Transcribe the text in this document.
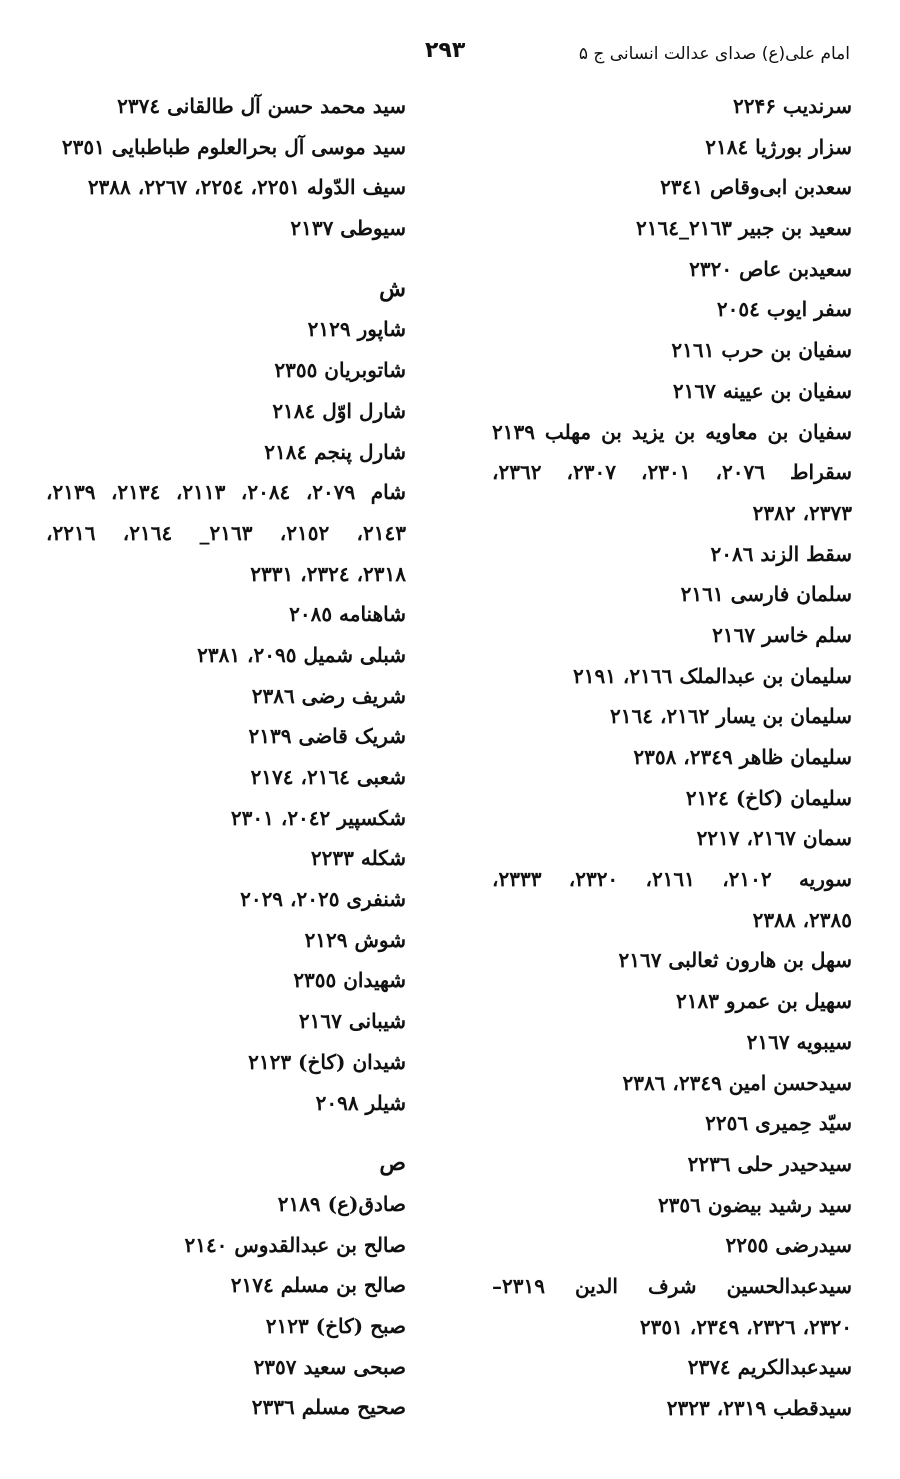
امام علی(ع) صدای عدالت انسانی ج ۵
۲۹۳
سرندیب ۲۲۴۶
سزار بورژیا ۲۱۸٤
سعدبن ابی‌وقاص ۲۳٤۱
سعید بن جبیر ۲۱٦۳_۲۱٦٤
سعیدبن عاص ۲۳۲۰
سفر ایوب ۲۰٥٤
سفیان بن حرب ۲۱٦۱
سفیان بن عیینه ۲۱٦۷
سفیان بن معاویه بن یزید بن مهلب ۲۱۳۹
سقراط ۲۰۷٦، ۲۳۰۱، ۲۳۰۷، ۲۳٦۲،
۲۳۷۳، ۲۳۸۲
سقط الزند ۲۰۸٦
سلمان فارسی ۲۱٦۱
سلم خاسر ۲۱٦۷
سلیمان بن عبدالملک ۲۱٦٦، ۲۱۹۱
سلیمان بن یسار ۲۱٦۲، ۲۱٦٤
سلیمان ظاهر ۲۳٤۹، ۲۳٥۸
سلیمان (کاخ) ۲۱۲٤
سمان ۲۱٦۷، ۲۲۱۷
سوریه ۲۱۰۲، ۲۱٦۱، ۲۳۲۰، ۲۳۳۳،
۲۳۸٥، ۲۳۸۸
سهل بن هارون ثعالبی ۲۱٦۷
سهیل بن عمرو ۲۱۸۳
سیبویه ۲۱٦۷
سیدحسن امین ۲۳٤۹، ۲۳۸٦
سیّد حِمیری ۲۲٥٦
سیدحیدر حلی ۲۲۳٦
سید رشید بیضون ۲۳٥٦
سیدرضی ۲۲٥٥
سیدعبدالحسین شرف الدین ۲۳۱۹–
۲۳۲۰، ۲۳۲٦، ۲۳٤۹، ۲۳٥۱
سیدعبدالکریم ۲۳۷٤
سیدقطب ۲۳۱۹، ۲۳۲۳
سید محمد حسن آل طالقانی ۲۳۷٤
سید موسی آل بحرالعلوم طباطبایی ۲۳٥۱
سیف الدّوله ۲۲٥۱، ۲۲٥٤، ۲۲٦۷، ۲۳۸۸
سیوطی ۲۱۳۷
ش
شاپور ۲۱۲۹
شاتوبریان ۲۳٥٥
شارل اوّل ۲۱۸٤
شارل پنجم ۲۱۸٤
شام ۲۰۷۹، ۲۰۸٤، ۲۱۱۳، ۲۱۳٤، ۲۱۳۹،
۲۱٤۳، ۲۱٥۲، ۲۱٦۳_ ۲۱٦٤، ۲۲۱٦،
۲۳۱۸، ۲۳۲٤، ۲۳۳۱
شاهنامه ۲۰۸٥
شبلی شمیل ۲۰۹٥، ۲۳۸۱
شریف رضی ۲۳۸٦
شریک قاضی ۲۱۳۹
شعبی ۲۱٦٤، ۲۱۷٤
شکسپیر ۲۰٤۲، ۲۳۰۱
شکله ۲۲۳۳
شنفری ۲۰۲٥، ۲۰۲۹
شوش ۲۱۲۹
شهیدان ۲۳٥٥
شیبانی ۲۱٦۷
شیدان (کاخ) ۲۱۲۳
شیلر ۲۰۹۸
ص
صادق(ع) ۲۱۸۹
صالح بن عبدالقدوس ۲۱٤۰
صالح بن مسلم ۲۱۷٤
صبح (کاخ) ۲۱۲۳
صبحی سعید ۲۳٥۷
صحیح مسلم ۲۳۳٦
